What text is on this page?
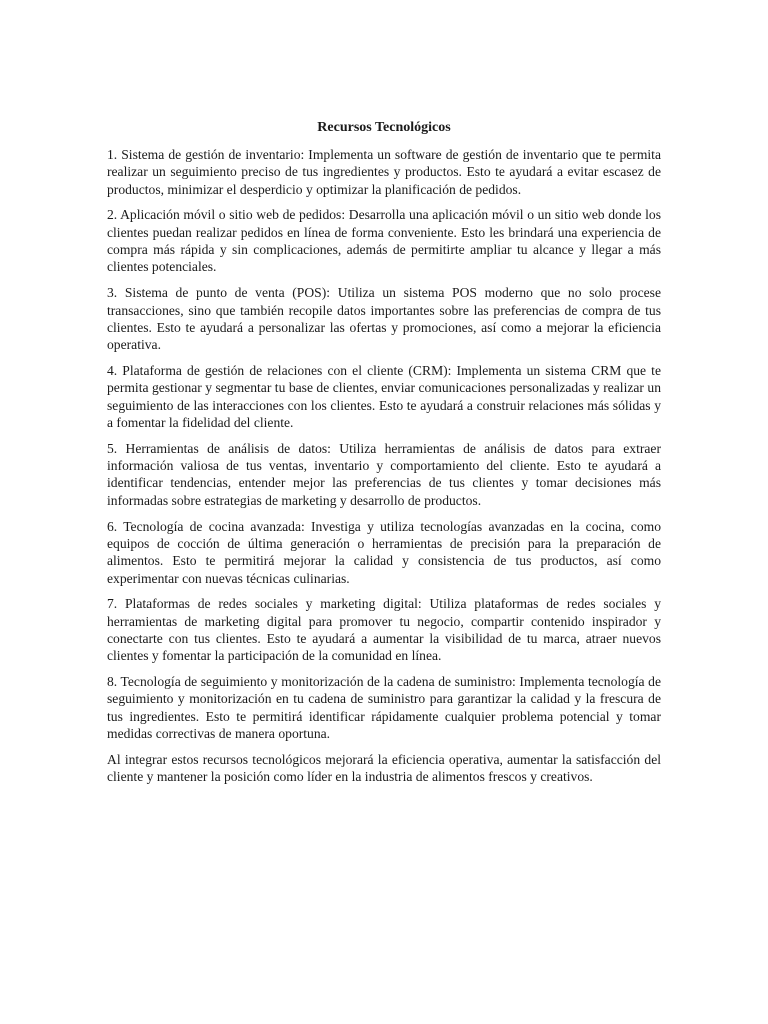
Recursos Tecnológicos

1. Sistema de gestión de inventario: Implementa un software de gestión de inventario que te permita realizar un seguimiento preciso de tus ingredientes y productos. Esto te ayudará a evitar escasez de productos, minimizar el desperdicio y optimizar la planificación de pedidos.

2. Aplicación móvil o sitio web de pedidos: Desarrolla una aplicación móvil o un sitio web donde los clientes puedan realizar pedidos en línea de forma conveniente. Esto les brindará una experiencia de compra más rápida y sin complicaciones, además de permitirte ampliar tu alcance y llegar a más clientes potenciales.

3. Sistema de punto de venta (POS): Utiliza un sistema POS moderno que no solo procese transacciones, sino que también recopile datos importantes sobre las preferencias de compra de tus clientes. Esto te ayudará a personalizar las ofertas y promociones, así como a mejorar la eficiencia operativa.

4. Plataforma de gestión de relaciones con el cliente (CRM): Implementa un sistema CRM que te permita gestionar y segmentar tu base de clientes, enviar comunicaciones personalizadas y realizar un seguimiento de las interacciones con los clientes. Esto te ayudará a construir relaciones más sólidas y a fomentar la fidelidad del cliente.

5. Herramientas de análisis de datos: Utiliza herramientas de análisis de datos para extraer información valiosa de tus ventas, inventario y comportamiento del cliente. Esto te ayudará a identificar tendencias, entender mejor las preferencias de tus clientes y tomar decisiones más informadas sobre estrategias de marketing y desarrollo de productos.

6. Tecnología de cocina avanzada: Investiga y utiliza tecnologías avanzadas en la cocina, como equipos de cocción de última generación o herramientas de precisión para la preparación de alimentos. Esto te permitirá mejorar la calidad y consistencia de tus productos, así como experimentar con nuevas técnicas culinarias.

7. Plataformas de redes sociales y marketing digital: Utiliza plataformas de redes sociales y herramientas de marketing digital para promover tu negocio, compartir contenido inspirador y conectarte con tus clientes. Esto te ayudará a aumentar la visibilidad de tu marca, atraer nuevos clientes y fomentar la participación de la comunidad en línea.

8. Tecnología de seguimiento y monitorización de la cadena de suministro: Implementa tecnología de seguimiento y monitorización en tu cadena de suministro para garantizar la calidad y la frescura de tus ingredientes. Esto te permitirá identificar rápidamente cualquier problema potencial y tomar medidas correctivas de manera oportuna.

Al integrar estos recursos tecnológicos mejorará la eficiencia operativa, aumentar la satisfacción del cliente y mantener la posición como líder en la industria de alimentos frescos y creativos.
